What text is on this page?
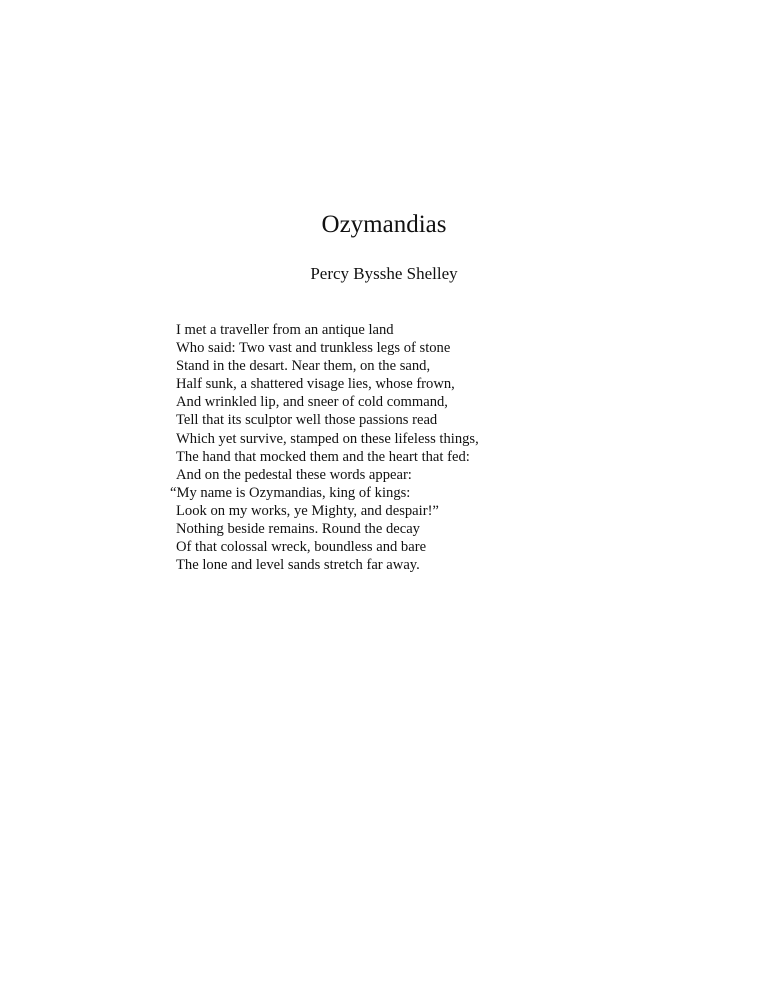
Ozymandias
Percy Bysshe Shelley
I met a traveller from an antique land
Who said: Two vast and trunkless legs of stone
Stand in the desart. Near them, on the sand,
Half sunk, a shattered visage lies, whose frown,
And wrinkled lip, and sneer of cold command,
Tell that its sculptor well those passions read
Which yet survive, stamped on these lifeless things,
The hand that mocked them and the heart that fed:
And on the pedestal these words appear:
“My name is Ozymandias, king of kings:
Look on my works, ye Mighty, and despair!”
Nothing beside remains. Round the decay
Of that colossal wreck, boundless and bare
The lone and level sands stretch far away.
